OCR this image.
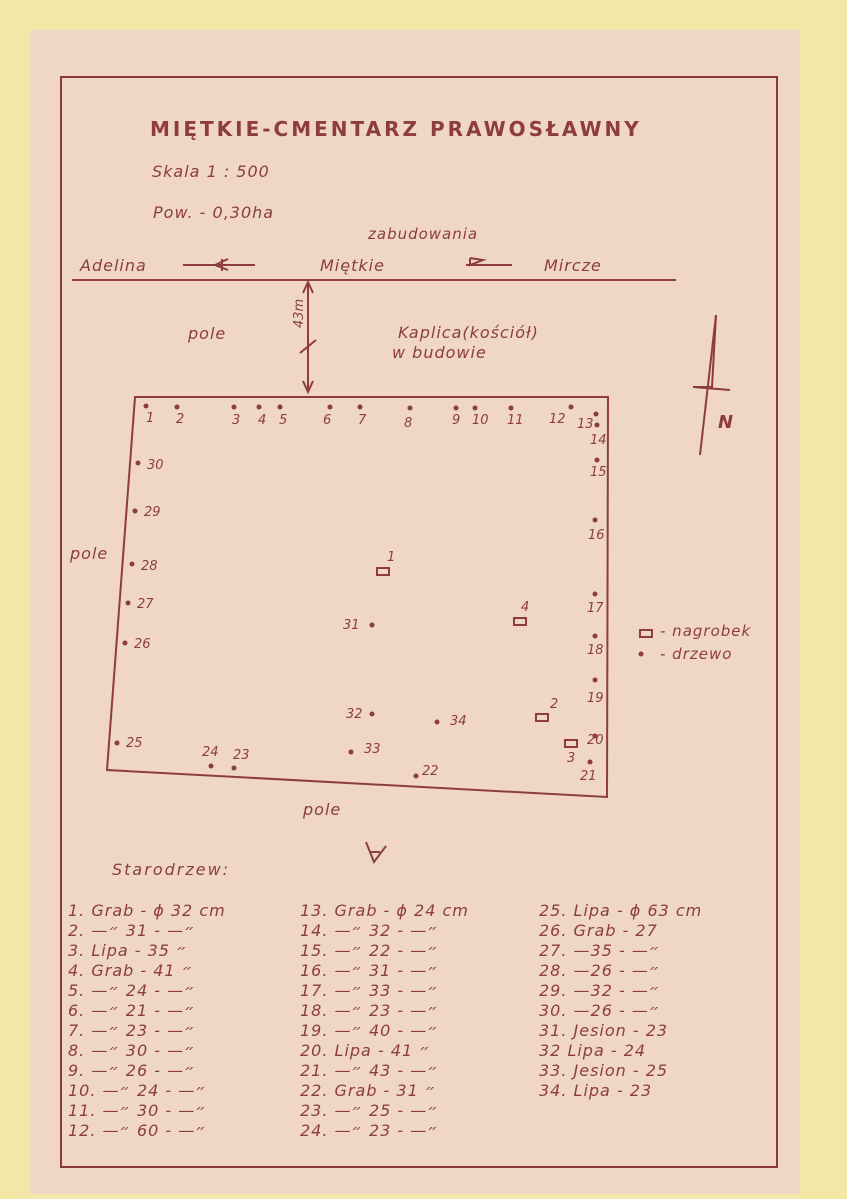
MIĘTKIE-CMENTARZ PRAWOSŁAWNY
Skala 1 : 500
Pow. - 0,30ha
zabudowania
Adelina	Miętkie	Mircze
43m
pole
pole
pole
Kaplica(kościół)
w budowie
N
1 2	3 4 5	6 7	8	9 10 11 12 13
14
15
16
17
18
19
20
21
22
23
24
25
26
27
28
29
30
31
32
33
34
1
2
3
4
- nagrobek
- drzewo
Starodrzew:
1. Grab - ϕ 32 cm
2. —״— - 31 ״
3. Lipa - 35 ״
4. Grab - 41 ״
5. —״— - 24 ״
6. —״— - 21 ״
7. —״— - 23 ״
8. —״— - 30 ״
9. —״— - 26 ״
10. —״— - 24 ״
11. —״— - 30 ״
12. —״— - 60 ״
13. Grab - ϕ 24 cm
14. —״— - 32 ״
15. —״— - 22 ״
16. —״— - 31 ״
17. —״— - 33 ״
18. —״— - 23 ״
19. —״— - 40 ״
20. Lipa - 41 ״
21. —״— - 43 ״
22. Grab - 31 ״
23. —״— - 25 ״
24. —״— - 23 ״
25. Lipa - ϕ 63 cm
26. Grab - 27
27. —״— - 35
28. —״— - 26
29. —״— - 32
30. —״— - 26
31. Jesion - 23
32 Lipa - 24
33. Jesion - 25
34. Lipa - 23
